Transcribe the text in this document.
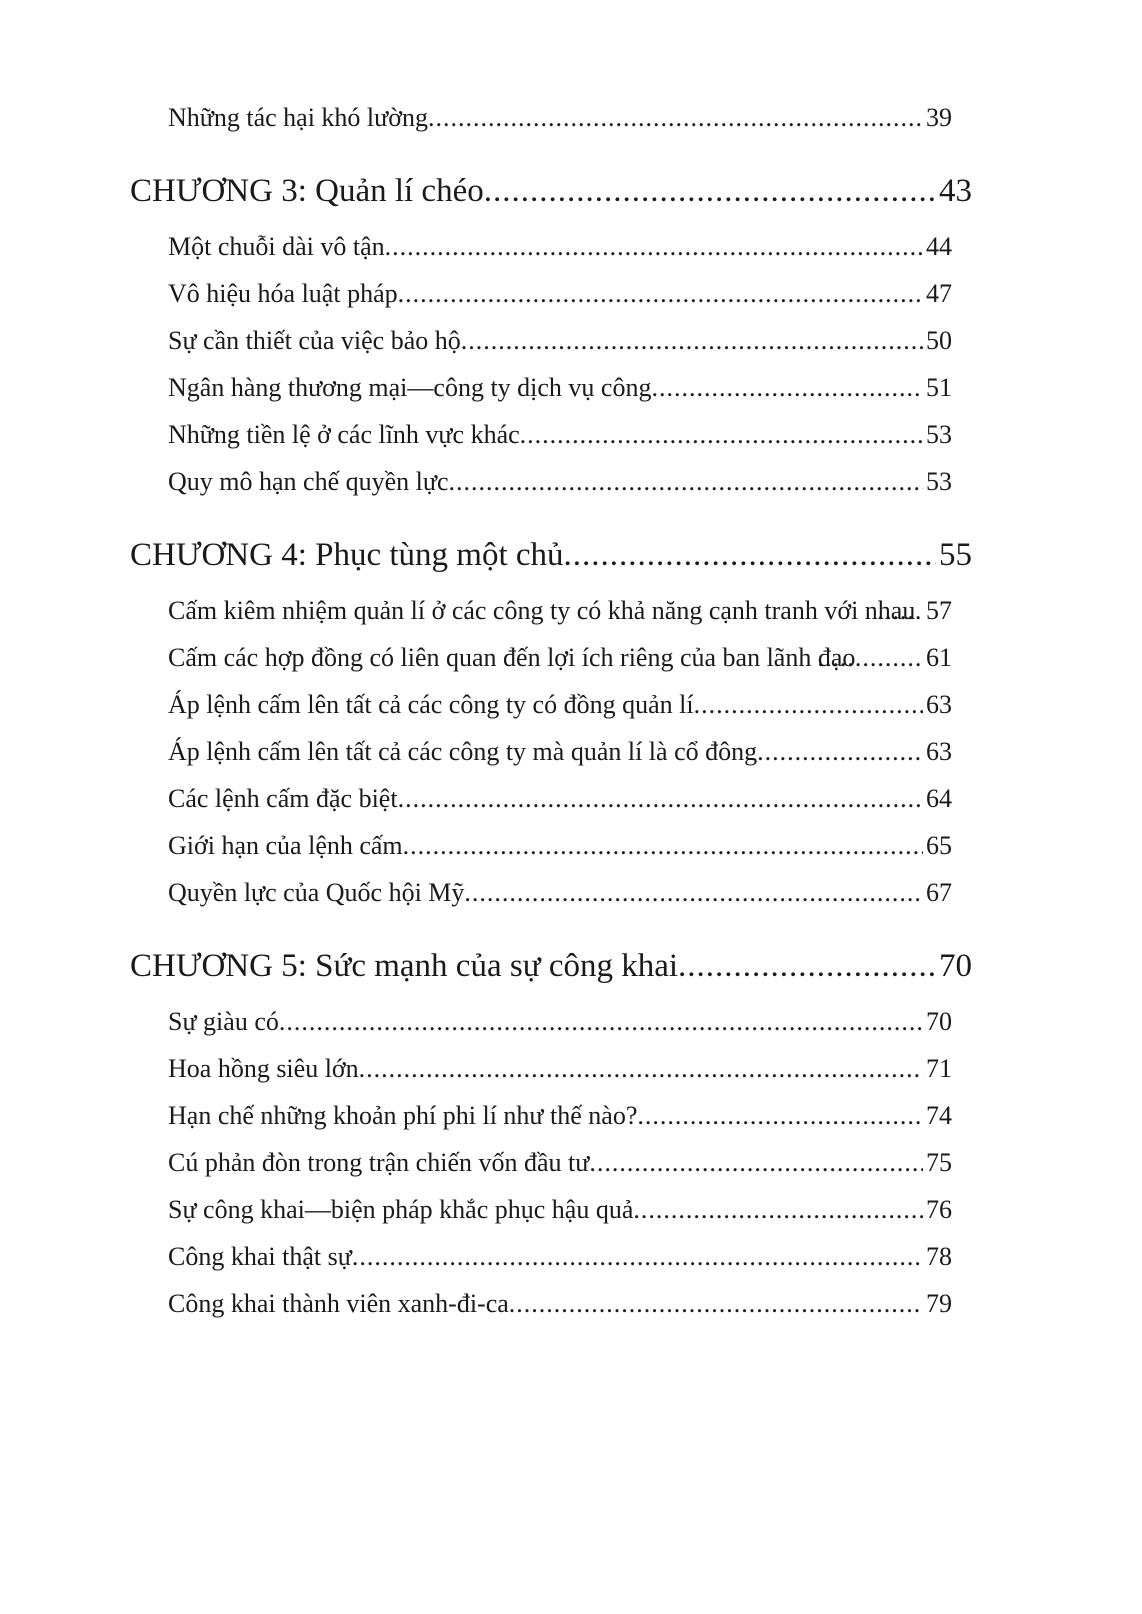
Những tác hại khó lường .....	39
CHƯƠNG 3: Quản lí chéo .....	43
Một chuỗi dài vô tận .....	44
Vô hiệu hóa luật pháp .....	47
Sự cần thiết của việc bảo hộ .....	50
Ngân hàng thương mại—công ty dịch vụ công .....	51
Những tiền lệ ở các lĩnh vực khác .....	53
Quy mô hạn chế quyền lực .....	53
CHƯƠNG 4: Phục tùng một chủ .....	55
Cấm kiêm nhiệm quản lí ở các công ty có khả năng cạnh tranh với nhau ..... 57
Cấm các hợp đồng có liên quan đến lợi ích riêng của ban lãnh đạo .....	61
Áp lệnh cấm lên tất cả các công ty có đồng quản lí .....	63
Áp lệnh cấm lên tất cả các công ty mà quản lí là cổ đông .....	63
Các lệnh cấm đặc biệt .....	64
Giới hạn của lệnh cấm .....	65
Quyền lực của Quốc hội Mỹ .....	67
CHƯƠNG 5: Sức mạnh của sự công khai .....	70
Sự giàu có .....	70
Hoa hồng siêu lớn .....	71
Hạn chế những khoản phí phi lí như thế nào? .....	74
Cú phản đòn trong trận chiến vốn đầu tư .....	75
Sự công khai—biện pháp khắc phục hậu quả .....	76
Công khai thật sự .....	78
Công khai thành viên xanh-đi-ca .....	79
